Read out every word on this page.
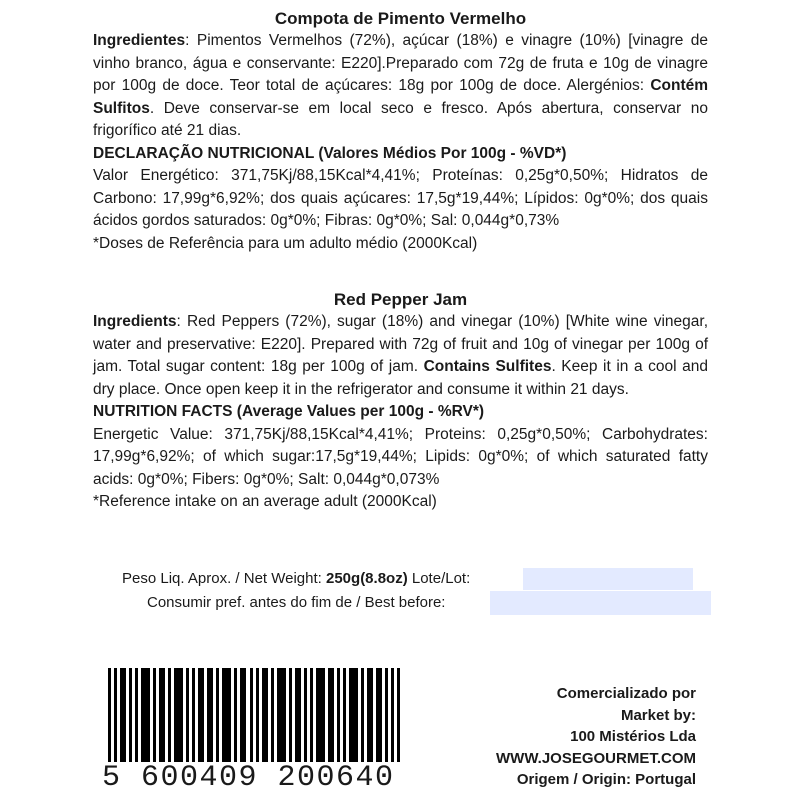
Compota de Pimento Vermelho

Ingredientes: Pimentos Vermelhos (72%), açúcar (18%) e vinagre (10%) [vinagre de vinho branco, água e conservante: E220].Preparado com 72g de fruta e 10g de vinagre por 100g de doce. Teor total de açúcares: 18g por 100g de doce. Alergénios: Contém Sulfitos. Deve conservar-se em local seco e fresco. Após abertura, conservar no frigorífico até 21 dias.

DECLARAÇÃO NUTRICIONAL (Valores Médios Por 100g - %VD*)

Valor Energético: 371,75Kj/88,15Kcal*4,41%; Proteínas: 0,25g*0,50%; Hidratos de Carbono: 17,99g*6,92%; dos quais açúcares: 17,5g*19,44%; Lípidos: 0g*0%; dos quais ácidos gordos saturados: 0g*0%; Fibras: 0g*0%; Sal: 0,044g*0,73%

*Doses de Referência para um adulto médio (2000Kcal)

Red Pepper Jam

Ingredients: Red Peppers (72%), sugar (18%) and vinegar (10%) [White wine vinegar, water and preservative: E220]. Prepared with 72g of fruit and 10g of vinegar per 100g of jam. Total sugar content: 18g per 100g of jam. Contains Sulfites. Keep it in a cool and dry place. Once open keep it in the refrigerator and consume it within 21 days.

NUTRITION FACTS (Average Values per 100g - %RV*)

Energetic Value: 371,75Kj/88,15Kcal*4,41%; Proteins: 0,25g*0,50%; Carbohydrates: 17,99g*6,92%; of which sugar:17,5g*19,44%; Lipids: 0g*0%; of which saturated fatty acids: 0g*0%; Fibers: 0g*0%; Salt: 0,044g*0,073%

*Reference intake on an average adult (2000Kcal)

Peso Liq. Aprox. / Net Weight: 250g(8.8oz) Lote/Lot:
Consumir pref. antes do fim de / Best before:
5 600409 200640
Comercializado por
Market by:
100 Mistérios Lda
WWW.JOSEGOURMET.COM
Origem / Origin: Portugal
